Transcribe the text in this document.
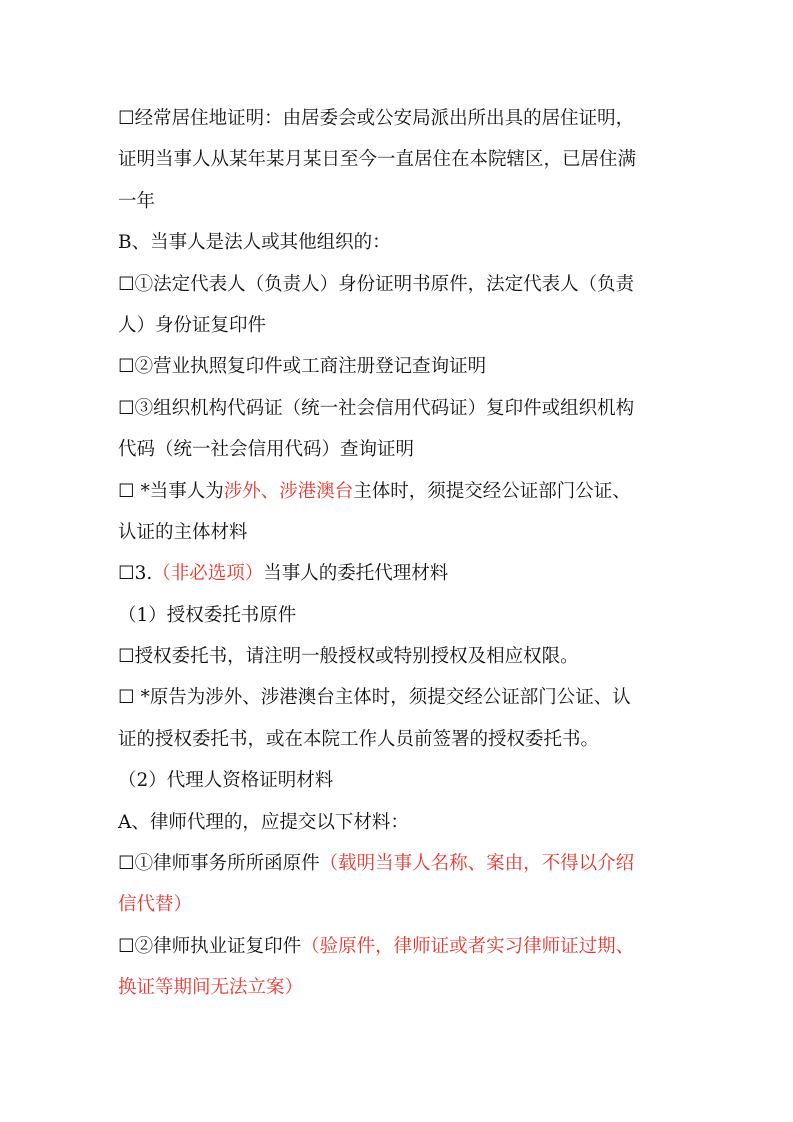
☐经常居住地证明：由居委会或公安局派出所出具的居住证明，
证明当事人从某年某月某日至今一直居住在本院辖区，已居住满
一年
B、当事人是法人或其他组织的：
☐①法定代表人（负责人）身份证明书原件，法定代表人（负责
人）身份证复印件
☐②营业执照复印件或工商注册登记查询证明
☐③组织机构代码证（统一社会信用代码证）复印件或组织机构
代码（统一社会信用代码）查询证明
☐ *当事人为涉外、涉港澳台主体时，须提交经公证部门公证、
认证的主体材料
☐3.（非必选项）当事人的委托代理材料
（1）授权委托书原件
☐授权委托书，请注明一般授权或特别授权及相应权限。
☐ *原告为涉外、涉港澳台主体时，须提交经公证部门公证、认
证的授权委托书，或在本院工作人员前签署的授权委托书。
（2）代理人资格证明材料
A、律师代理的，应提交以下材料：
☐①律师事务所所函原件（载明当事人名称、案由，不得以介绍
信代替）
☐②律师执业证复印件（验原件，律师证或者实习律师证过期、
换证等期间无法立案）
